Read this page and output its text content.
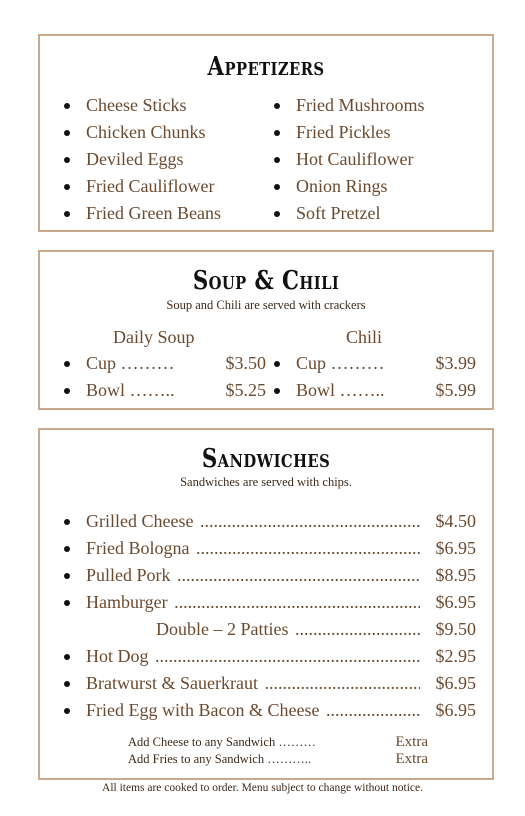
Appetizers
Cheese Sticks
Chicken Chunks
Deviled Eggs
Fried Cauliflower
Fried Green Beans
Fried Mushrooms
Fried Pickles
Hot Cauliflower
Onion Rings
Soft Pretzel
Soup & Chili
Soup and Chili are served with crackers
Daily Soup
Cup ………	$3.50
Bowl ……..	$5.25
Chili
Cup ………	$3.99
Bowl ……..	$5.99
Sandwiches
Sandwiches are served with chips.
Grilled Cheese .....	$4.50
Fried Bologna .....	$6.95
Pulled Pork .....	$8.95
Hamburger .....	$6.95
Double – 2 Patties .....	$9.50
Hot Dog .....	$2.95
Bratwurst & Sauerkraut .....	$6.95
Fried Egg with Bacon & Cheese .....	$6.95
Add Cheese to any Sandwich ………	Extra
Add Fries to any Sandwich ………..	Extra
All items are cooked to order. Menu subject to change without notice.
